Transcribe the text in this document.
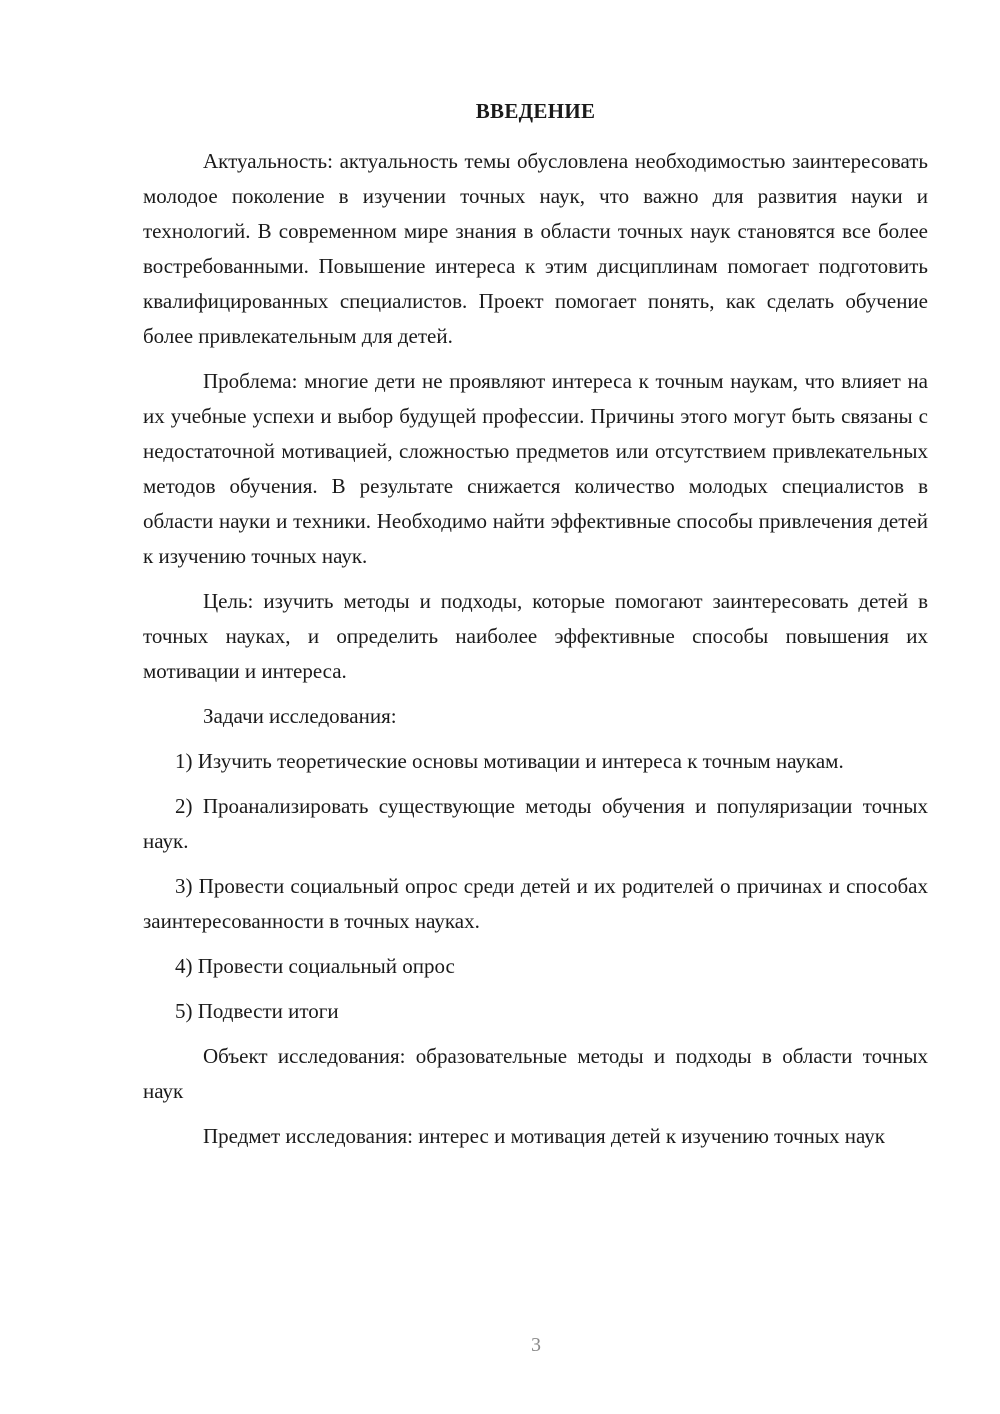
ВВЕДЕНИЕ

Актуальность: актуальность темы обусловлена необходимостью заинтересовать молодое поколение в изучении точных наук, что важно для развития науки и технологий. В современном мире знания в области точных наук становятся все более востребованными. Повышение интереса к этим дисциплинам помогает подготовить квалифицированных специалистов. Проект помогает понять, как сделать обучение более привлекательным для детей.

Проблема: многие дети не проявляют интереса к точным наукам, что влияет на их учебные успехи и выбор будущей профессии. Причины этого могут быть связаны с недостаточной мотивацией, сложностью предметов или отсутствием привлекательных методов обучения. В результате снижается количество молодых специалистов в области науки и техники. Необходимо найти эффективные способы привлечения детей к изучению точных наук.

Цель: изучить методы и подходы, которые помогают заинтересовать детей в точных науках, и определить наиболее эффективные способы повышения их мотивации и интереса.

Задачи исследования:

1) Изучить теоретические основы мотивации и интереса к точным наукам.

2) Проанализировать существующие методы обучения и популяризации точных наук.

3) Провести социальный опрос среди детей и их родителей о причинах и способах заинтересованности в точных науках.

4) Провести социальный опрос

5) Подвести итоги

Объект исследования: образовательные методы и подходы в области точных наук

Предмет исследования: интерес и мотивация детей к изучению точных наук

3
